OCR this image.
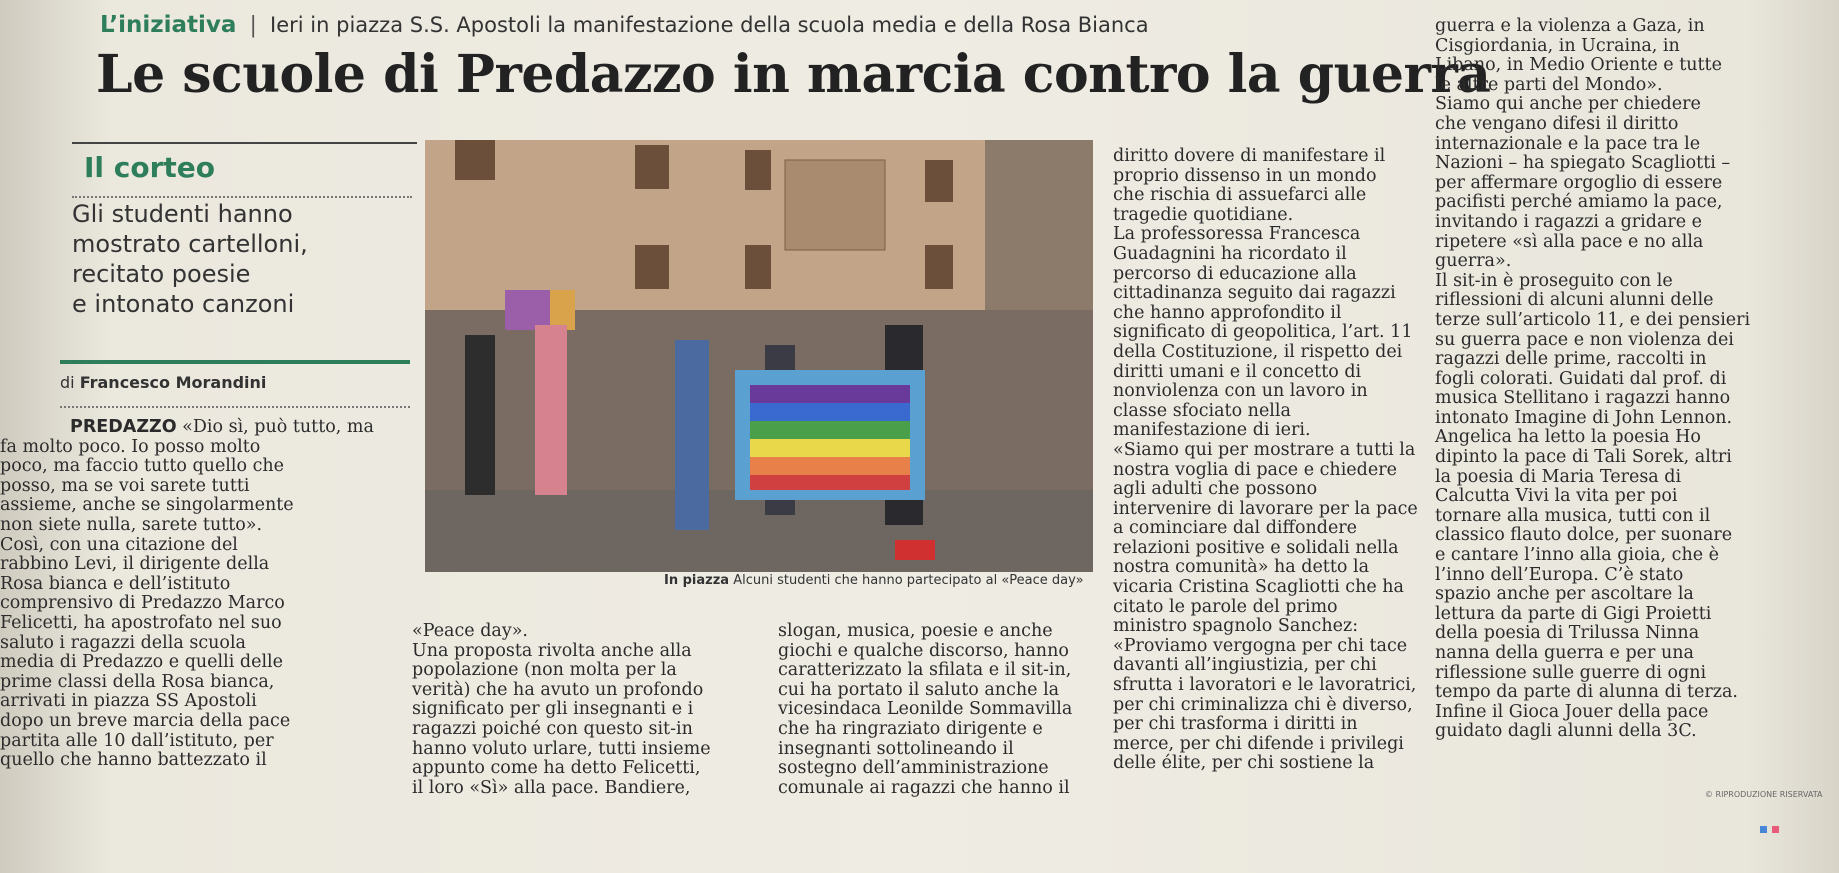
L’iniziativa | Ieri in piazza S.S. Apostoli la manifestazione della scuola media e della Rosa Bianca
Le scuole di Predazzo in marcia contro la guerra
Il corteo
Gli studenti hanno
mostrato cartelloni,
recitato poesie
e intonato canzoni
di Francesco Morandini
In piazza Alcuni studenti che hanno partecipato al «Peace day»
PREDAZZO «Dio sì, può tutto, ma
fa molto poco. Io posso molto
poco, ma faccio tutto quello che
posso, ma se voi sarete tutti
assieme, anche se singolarmente
non siete nulla, sarete tutto».
Così, con una citazione del
rabbino Levi, il dirigente della
Rosa bianca e dell’istituto
comprensivo di Predazzo Marco
Felicetti, ha apostrofato nel suo
saluto i ragazzi della scuola
media di Predazzo e quelli delle
prime classi della Rosa bianca,
arrivati in piazza SS Apostoli
dopo un breve marcia della pace
partita alle 10 dall’istituto, per
quello che hanno battezzato il
«Peace day».
Una proposta rivolta anche alla
popolazione (non molta per la
verità) che ha avuto un profondo
significato per gli insegnanti e i
ragazzi poiché con questo sit-in
hanno voluto urlare, tutti insieme
appunto come ha detto Felicetti,
il loro «Sì» alla pace. Bandiere,
slogan, musica, poesie e anche
giochi e qualche discorso, hanno
caratterizzato la sfilata e il sit-in,
cui ha portato il saluto anche la
vicesindaca Leonilde Sommavilla
che ha ringraziato dirigente e
insegnanti sottolineando il
sostegno dell’amministrazione
comunale ai ragazzi che hanno il
diritto dovere di manifestare il
proprio dissenso in un mondo
che rischia di assuefarci alle
tragedie quotidiane.
La professoressa Francesca
Guadagnini ha ricordato il
percorso di educazione alla
cittadinanza seguito dai ragazzi
che hanno approfondito il
significato di geopolitica, l’art. 11
della Costituzione, il rispetto dei
diritti umani e il concetto di
nonviolenza con un lavoro in
classe sfociato nella
manifestazione di ieri.
«Siamo qui per mostrare a tutti la
nostra voglia di pace e chiedere
agli adulti che possono
intervenire di lavorare per la pace
a cominciare dal diffondere
relazioni positive e solidali nella
nostra comunità» ha detto la
vicaria Cristina Scagliotti che ha
citato le parole del primo
ministro spagnolo Sanchez:
«Proviamo vergogna per chi tace
davanti all’ingiustizia, per chi
sfrutta i lavoratori e le lavoratrici,
per chi criminalizza chi è diverso,
per chi trasforma i diritti in
merce, per chi difende i privilegi
delle élite, per chi sostiene la
guerra e la violenza a Gaza, in
Cisgiordania, in Ucraina, in
Libano, in Medio Oriente e tutte
le altre parti del Mondo».
Siamo qui anche per chiedere
che vengano difesi il diritto
internazionale e la pace tra le
Nazioni – ha spiegato Scagliotti –
per affermare orgoglio di essere
pacifisti perché amiamo la pace,
invitando i ragazzi a gridare e
ripetere «sì alla pace e no alla
guerra».
Il sit-in è proseguito con le
riflessioni di alcuni alunni delle
terze sull’articolo 11, e dei pensieri
su guerra pace e non violenza dei
ragazzi delle prime, raccolti in
fogli colorati. Guidati dal prof. di
musica Stellitano i ragazzi hanno
intonato Imagine di John Lennon.
Angelica ha letto la poesia Ho
dipinto la pace di Tali Sorek, altri
la poesia di Maria Teresa di
Calcutta Vivi la vita per poi
tornare alla musica, tutti con il
classico flauto dolce, per suonare
e cantare l’inno alla gioia, che è
l’inno dell’Europa. C’è stato
spazio anche per ascoltare la
lettura da parte di Gigi Proietti
della poesia di Trilussa Ninna
nanna della guerra e per una
riflessione sulle guerre di ogni
tempo da parte di alunna di terza.
Infine il Gioca Jouer della pace
guidato dagli alunni della 3C.
© RIPRODUZIONE RISERVATA
